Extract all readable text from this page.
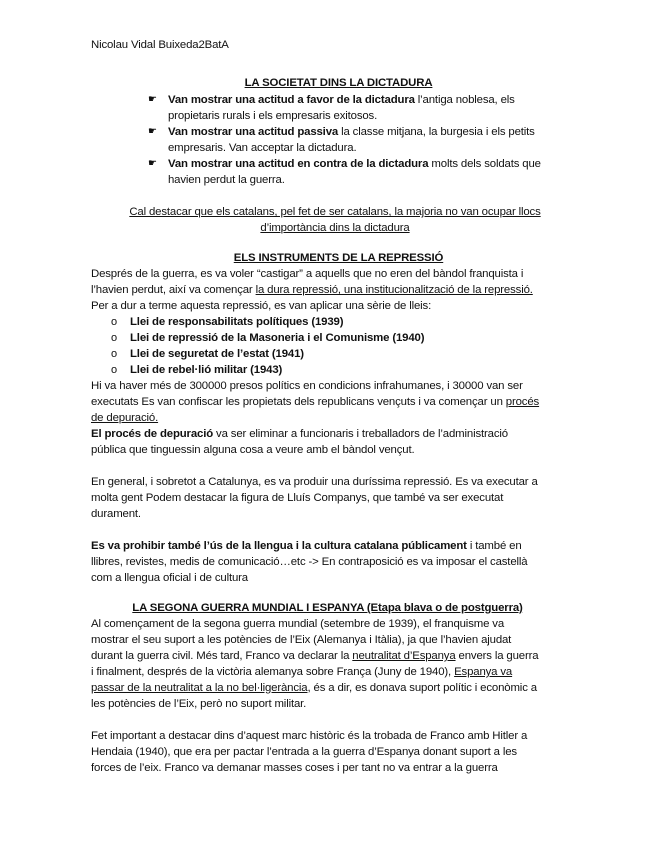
Nicolau Vidal Buixeda2BatA
LA SOCIETAT DINS LA DICTADURA
☛ Van mostrar una actitud a favor de la dictadura l’antiga noblesa, els
propietaris rurals i els empresaris exitosos.
☛ Van mostrar una actitud passiva la classe mitjana, la burgesia i els petits
empresaris. Van acceptar la dictadura.
☛ Van mostrar una actitud en contra de la dictadura molts dels soldats que
havien perdut la guerra.
Cal destacar que els catalans, pel fet de ser catalans, la majoria no van ocupar llocs
d’importància dins la dictadura
ELS INSTRUMENTS DE LA REPRESSIÓ
Després de la guerra, es va voler “castigar” a aquells que no eren del bàndol franquista i
l’havien perdut, així va començar la dura repressió, una institucionalització de la repressió.
Per a dur a terme aquesta repressió, es van aplicar una sèrie de lleis:
o Llei de responsabilitats polítiques (1939)
o Llei de repressió de la Masoneria i el Comunisme (1940)
o Llei de seguretat de l’estat (1941)
o Llei de rebel·lió militar (1943)
Hi va haver més de 300000 presos polítics en condicions infrahumanes, i 30000 van ser
executats Es van confiscar les propietats dels republicans vençuts i va començar un procés
de depuració.
El procés de depuració va ser eliminar a funcionaris i treballadors de l’administració
pública que tinguessin alguna cosa a veure amb el bàndol vençut.
En general, i sobretot a Catalunya, es va produir una duríssima repressió. Es va executar a
molta gent Podem destacar la figura de Lluís Companys, que també va ser executat
durament.
Es va prohibir també l’ús de la llengua i la cultura catalana públicament i també en
llibres, revistes, medis de comunicació…etc -> En contraposició es va imposar el castellà
com a llengua oficial i de cultura
LA SEGONA GUERRA MUNDIAL I ESPANYA (Etapa blava o de postguerra)
Al començament de la segona guerra mundial (setembre de 1939), el franquisme va
mostrar el seu suport a les potències de l’Eix (Alemanya i Itàlia), ja que l’havien ajudat
durant la guerra civil. Més tard, Franco va declarar la neutralitat d’Espanya envers la guerra
i finalment, després de la victòria alemanya sobre França (Juny de 1940), Espanya va
passar de la neutralitat a la no bel·ligerància, és a dir, es donava suport polític i econòmic a
les potències de l’Eix, però no suport militar.
Fet important a destacar dins d’aquest marc històric és la trobada de Franco amb Hitler a
Hendaia (1940), que era per pactar l’entrada a la guerra d’Espanya donant suport a les
forces de l’eix. Franco va demanar masses coses i per tant no va entrar a la guerra
